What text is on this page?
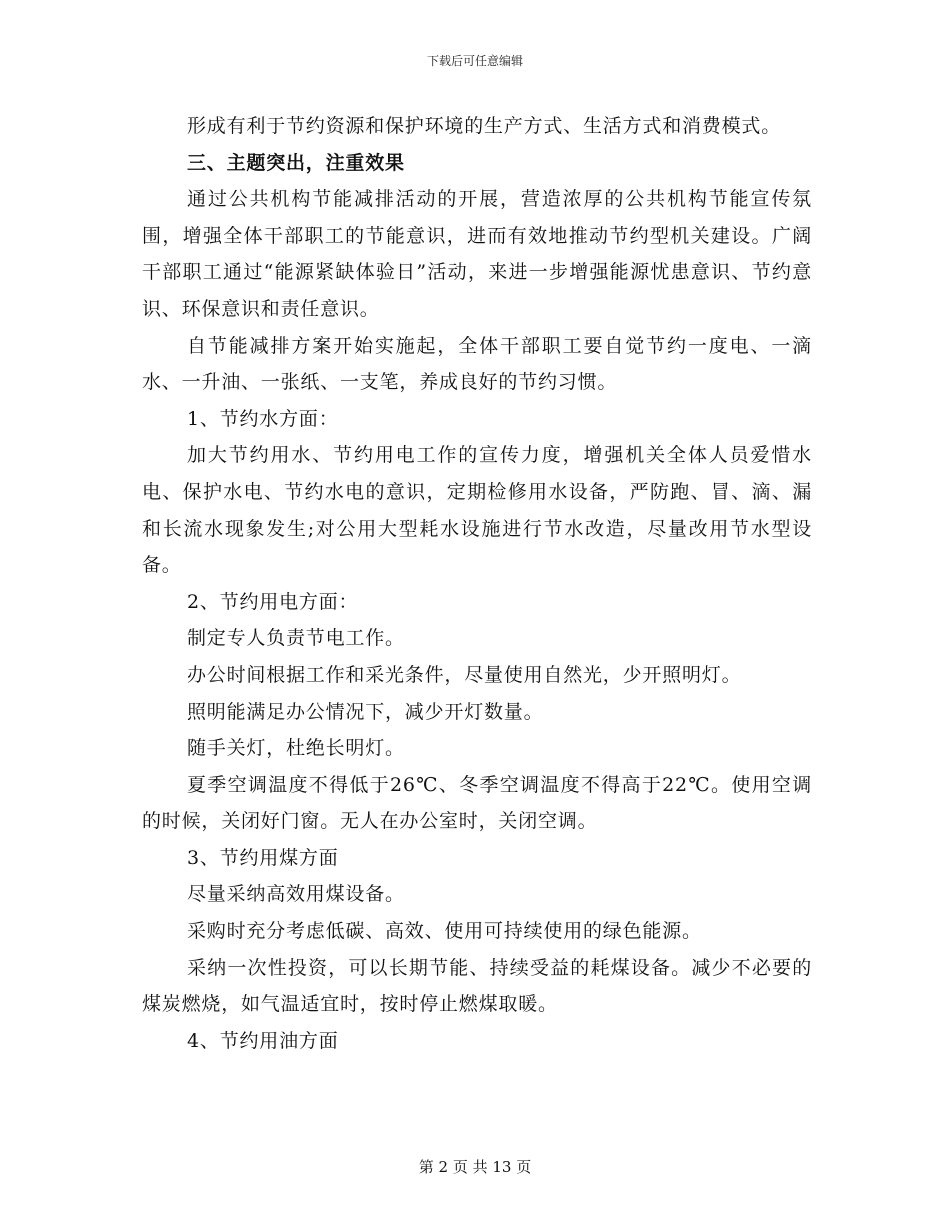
下载后可任意编辑

形成有利于节约资源和保护环境的生产方式、生活方式和消费模式。

三、主题突出，注重效果

通过公共机构节能减排活动的开展，营造浓厚的公共机构节能宣传氛围，增强全体干部职工的节能意识，进而有效地推动节约型机关建设。广阔干部职工通过“能源紧缺体验日”活动，来进一步增强能源忧患意识、节约意识、环保意识和责任意识。

自节能减排方案开始实施起，全体干部职工要自觉节约一度电、一滴水、一升油、一张纸、一支笔，养成良好的节约习惯。

1、节约水方面：

加大节约用水、节约用电工作的宣传力度，增强机关全体人员爱惜水电、保护水电、节约水电的意识，定期检修用水设备，严防跑、冒、滴、漏和长流水现象发生;对公用大型耗水设施进行节水改造，尽量改用节水型设备。

2、节约用电方面：

制定专人负责节电工作。

办公时间根据工作和采光条件，尽量使用自然光，少开照明灯。

照明能满足办公情况下，减少开灯数量。

随手关灯，杜绝长明灯。

夏季空调温度不得低于26℃、冬季空调温度不得高于22℃。使用空调的时候，关闭好门窗。无人在办公室时，关闭空调。

3、节约用煤方面

尽量采纳高效用煤设备。

采购时充分考虑低碳、高效、使用可持续使用的绿色能源。

采纳一次性投资，可以长期节能、持续受益的耗煤设备。减少不必要的煤炭燃烧，如气温适宜时，按时停止燃煤取暖。

4、节约用油方面

第 2 页 共 13 页
